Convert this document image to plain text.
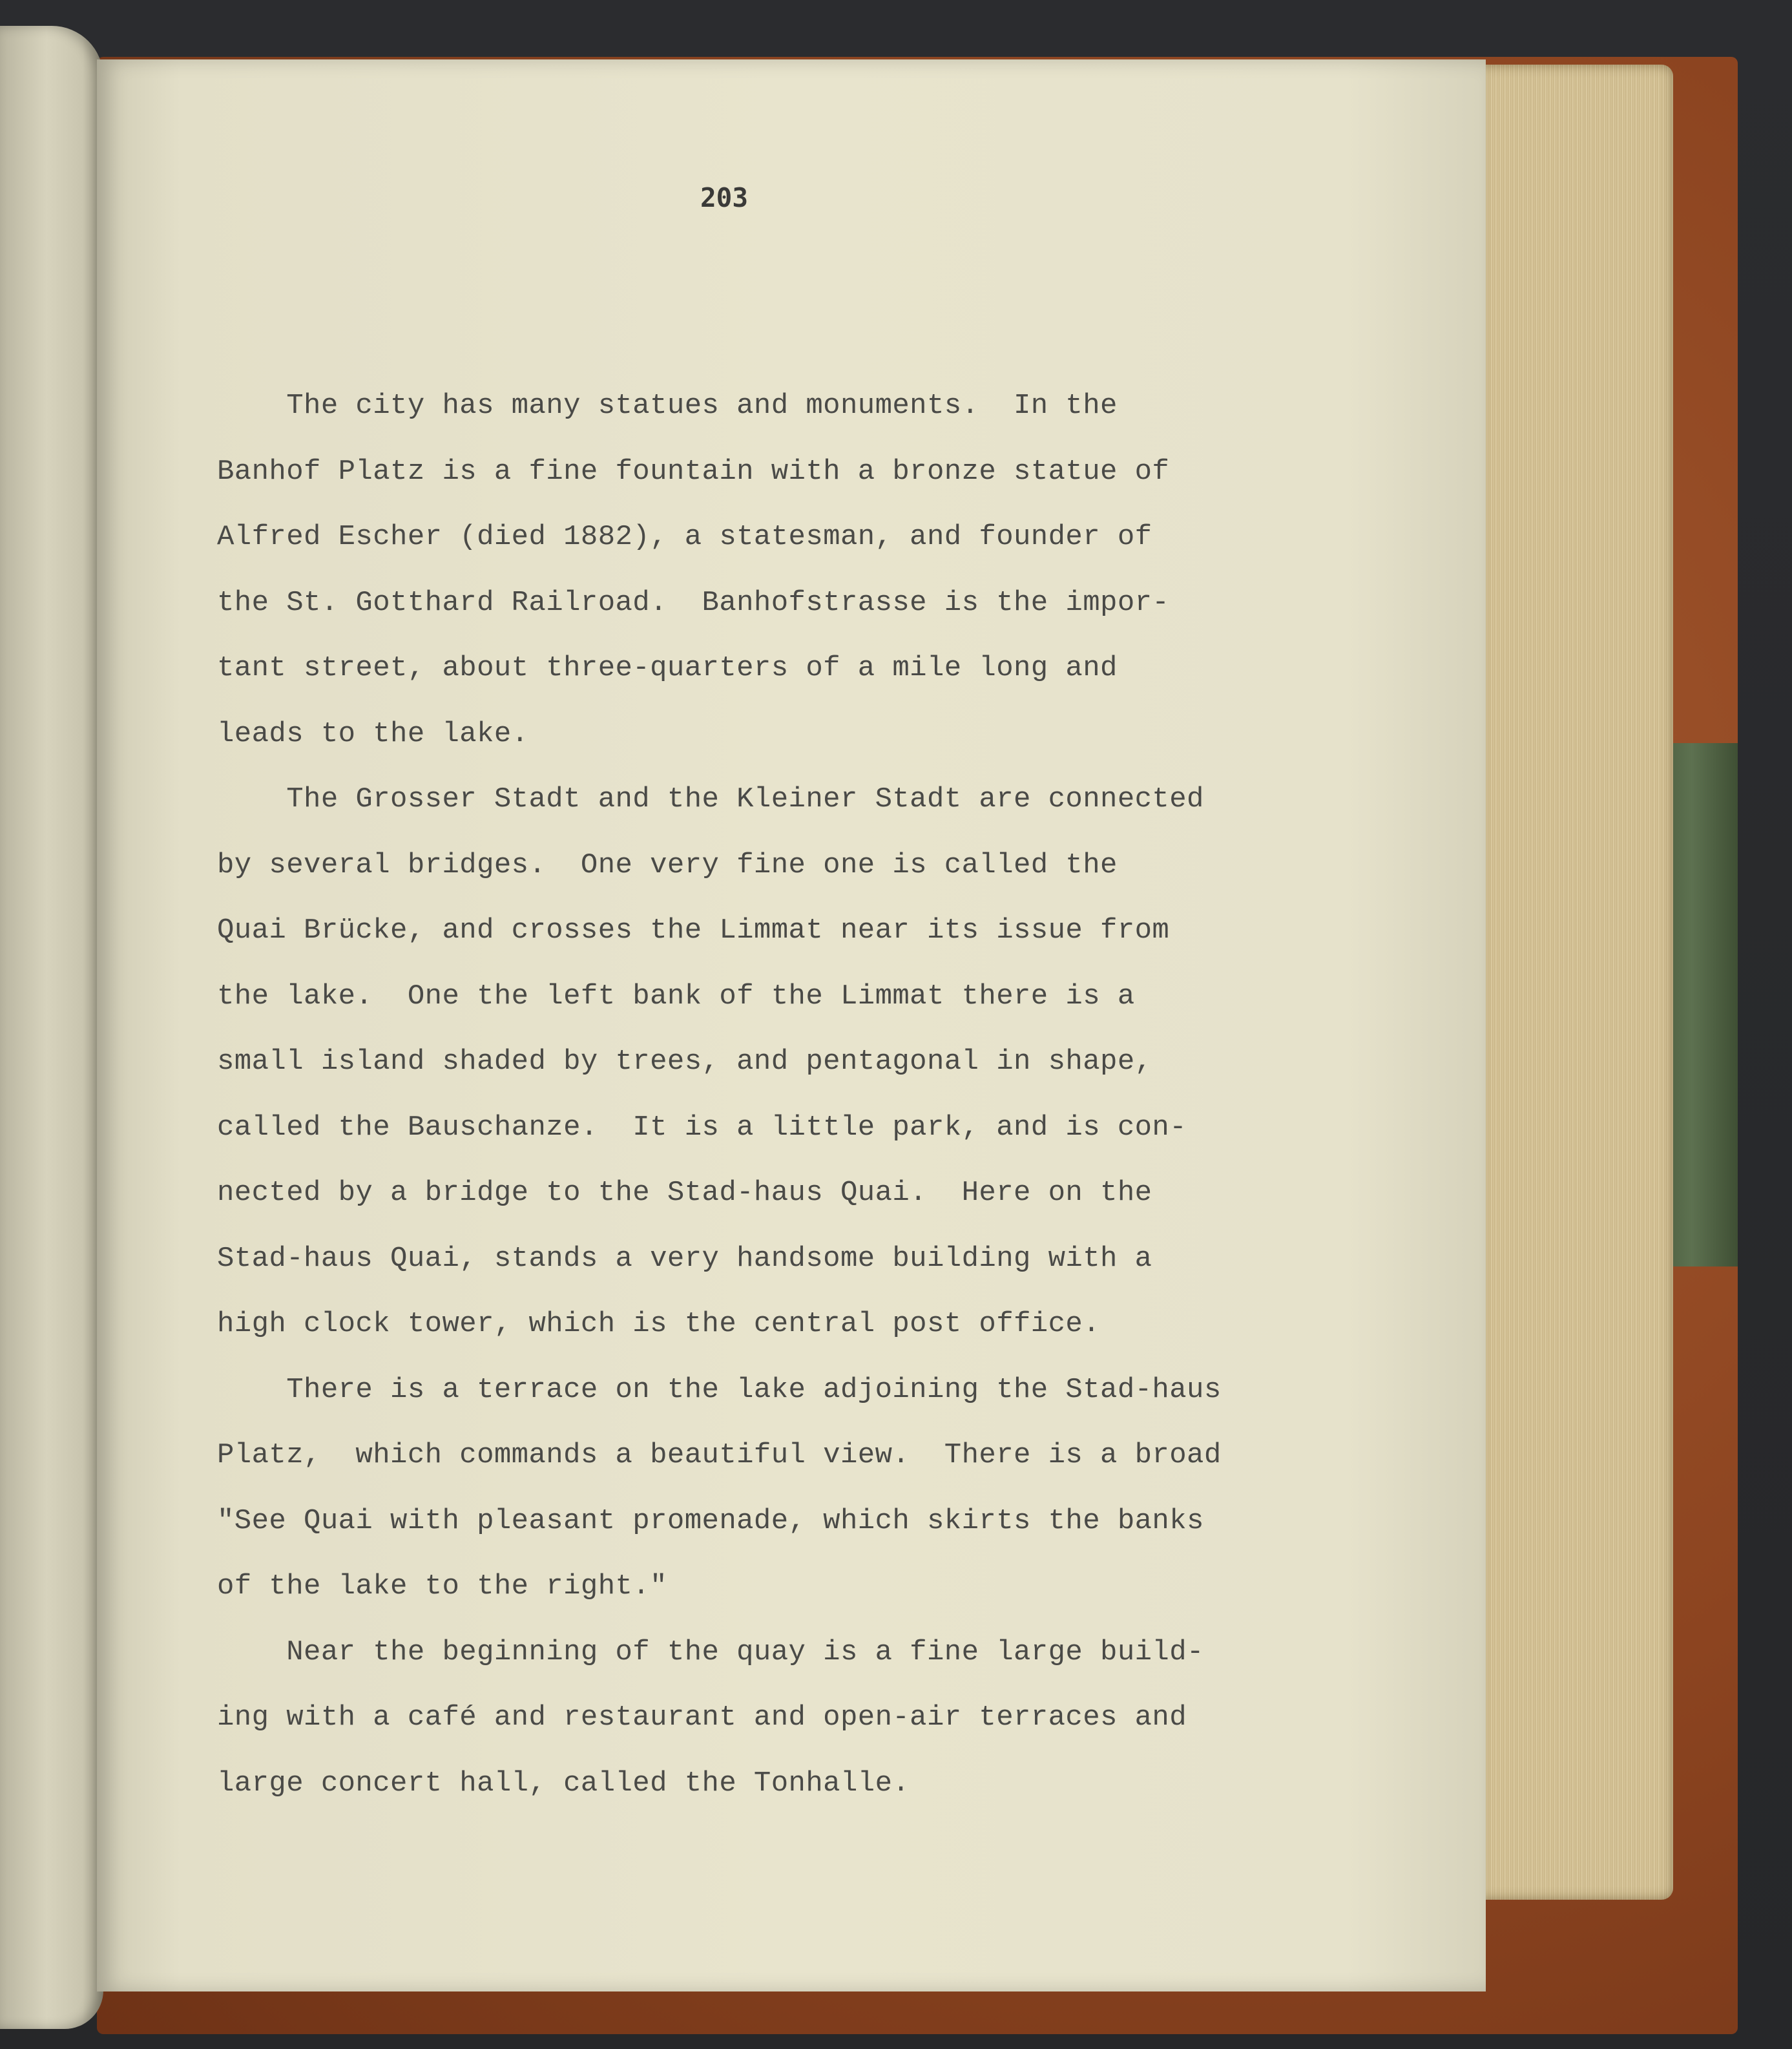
203
The city has many statues and monuments.  In the
Banhof Platz is a fine fountain with a bronze statue of
Alfred Escher (died 1882), a statesman, and founder of
the St. Gotthard Railroad.  Banhofstrasse is the impor-
tant street, about three-quarters of a mile long and
leads to the lake.
The Grosser Stadt and the Kleiner Stadt are connected
by several bridges.  One very fine one is called the
Quai Brücke, and crosses the Limmat near its issue from
the lake.  One the left bank of the Limmat there is a
small island shaded by trees, and pentagonal in shape,
called the Bauschanze.  It is a little park, and is con-
nected by a bridge to the Stad-haus Quai.  Here on the
Stad-haus Quai, stands a very handsome building with a
high clock tower, which is the central post office.
There is a terrace on the lake adjoining the Stad-haus
Platz,  which commands a beautiful view.  There is a broad
"See Quai with pleasant promenade, which skirts the banks
of the lake to the right."
Near the beginning of the quay is a fine large build-
ing with a café and restaurant and open-air terraces and
large concert hall, called the Tonhalle.
